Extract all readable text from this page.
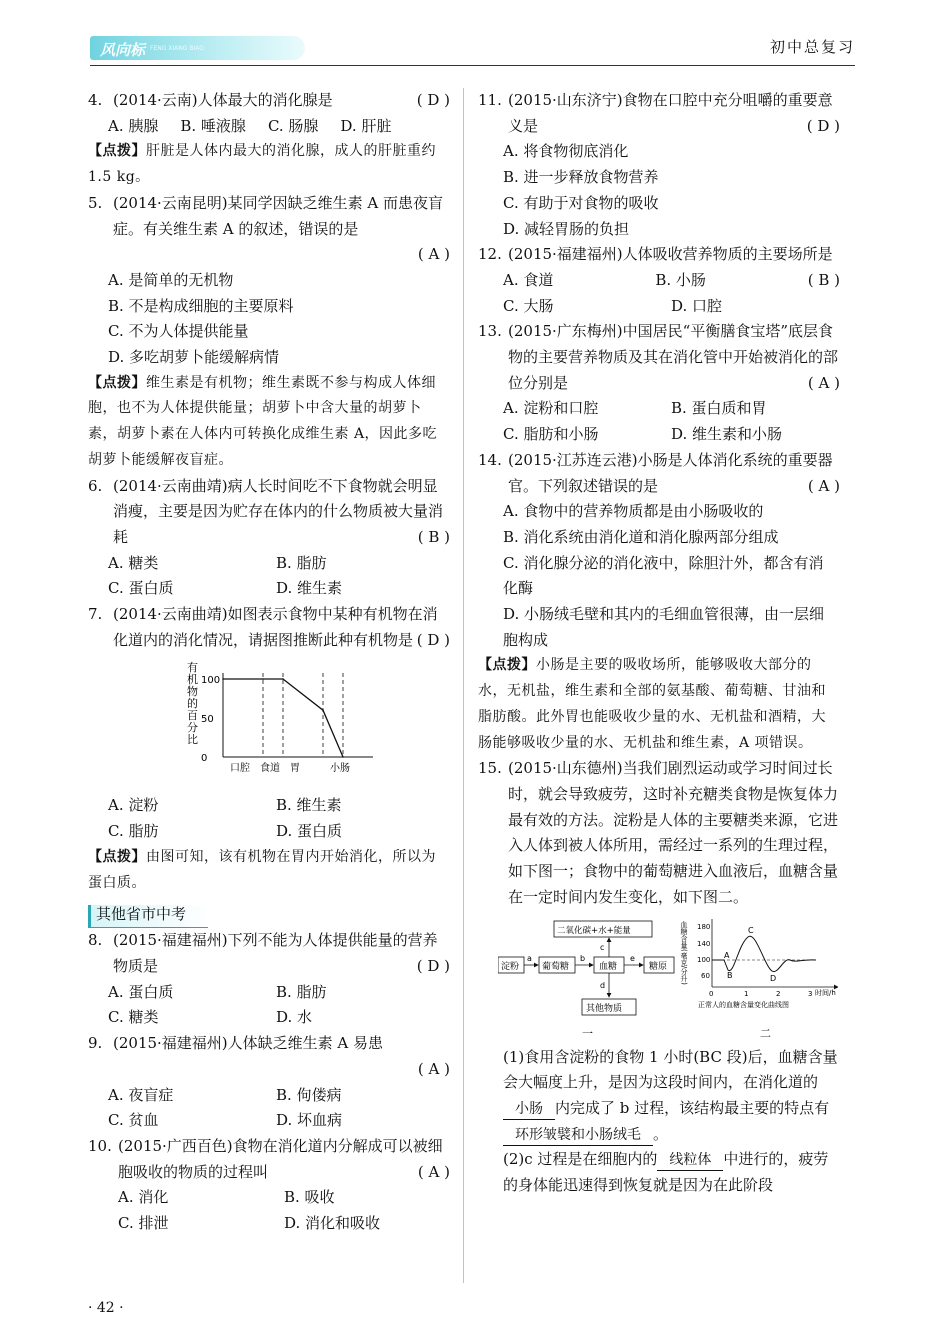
风向标 FENG XIANG BIAO	初中总复习
4. (2014·云南)人体最大的消化腺是	( D )
A. 胰腺 B. 唾液腺 C. 肠腺 D. 肝脏
【点拨】肝脏是人体内最大的消化腺，成人的肝脏重约 1.5 kg。
5. (2014·云南昆明)某同学因缺乏维生素 A 而患夜盲症。有关维生素 A 的叙述，错误的是
( A )
A. 是简单的无机物
B. 不是构成细胞的主要原料
C. 不为人体提供能量
D. 多吃胡萝卜能缓解病情
【点拨】维生素是有机物；维生素既不参与构成人体细胞，也不为人体提供能量；胡萝卜中含大量的胡萝卜素，胡萝卜素在人体内可转换化成维生素 A，因此多吃胡萝卜能缓解夜盲症。
6. (2014·云南曲靖)病人长时间吃不下食物就会明显消瘦，主要是因为贮存在体内的什么物质被大量消耗	( B )
A. 糖类	B. 脂肪
C. 蛋白质	D. 维生素
7. (2014·云南曲靖)如图表示食物中某种有机物在消化道内的消化情况，请据图推断此种有机物是 ( D )
有
机
物
的
百
分
比
100
50
0
口腔 食道 胃	小肠
A. 淀粉	B. 维生素
C. 脂肪	D. 蛋白质
【点拨】由图可知，该有机物在胃内开始消化，所以为蛋白质。
其他省市中考
8. (2015·福建福州)下列不能为人体提供能量的营养物质是	( D )
A. 蛋白质	B. 脂肪
C. 糖类	D. 水
9. (2015·福建福州)人体缺乏维生素 A 易患
( A )
A. 夜盲症	B. 佝偻病
C. 贫血	D. 坏血病
10. (2015·广西百色)食物在消化道内分解成可以被细胞吸收的物质的过程叫	( A )
A. 消化	B. 吸收
C. 排泄	D. 消化和吸收
11. (2015·山东济宁)食物在口腔中充分咀嚼的重要意义是	( D )
A. 将食物彻底消化
B. 进一步释放食物营养
C. 有助于对食物的吸收
D. 减轻胃肠的负担
12. (2015·福建福州)人体吸收营养物质的主要场所是
( B )
A. 食道	B. 小肠
C. 大肠	D. 口腔
13. (2015·广东梅州)中国居民“平衡膳食宝塔”底层食物的主要营养物质及其在消化管中开始被消化的部位分别是	( A )
A. 淀粉和口腔	B. 蛋白质和胃
C. 脂肪和小肠	D. 维生素和小肠
14. (2015·江苏连云港)小肠是人体消化系统的重要器官。下列叙述错误的是	( A )
A. 食物中的营养物质都是由小肠吸收的
B. 消化系统由消化道和消化腺两部分组成
C. 消化腺分泌的消化液中，除胆汁外，都含有消化酶
D. 小肠绒毛壁和其内的毛细血管很薄，由一层细胞构成
【点拨】小肠是主要的吸收场所，能够吸收大部分的水，无机盐，维生素和全部的氨基酸、葡萄糖、甘油和脂肪酸。此外胃也能吸收少量的水、无机盐和酒精，大肠能够吸收少量的水、无机盐和维生素，A 项错误。
15. (2015·山东德州)当我们剧烈运动或学习时间过长时，就会导致疲劳，这时补充糖类食物是恢复体力最有效的方法。淀粉是人体的主要糖类来源，它进入人体到被人体所用，需经过一系列的生理过程，如下图一；食物中的葡萄糖进入血液后，血糖含量在一定时间内发生变化，如下图二。
淀粉
a
葡萄糖
b
血糖
e
糖原
二氧化碳+水+能量
c
d
其他物质
一
血糖含量(毫克/分升) 180
140
100
60
A
B
C
D
0	1	2	3 时间/h
正常人的血糖含量变化曲线图
二
(1)食用含淀粉的食物 1 小时(BC 段)后，血糖含量会大幅度上升，是因为这段时间内，在消化道的小肠 内完成了 b 过程，该结构最主要的特点有环形皱襞和小肠绒毛 。
(2)c 过程是在细胞内的 线粒体 中进行的，疲劳的身体能迅速得到恢复就是因为在此阶段
· 42 ·
